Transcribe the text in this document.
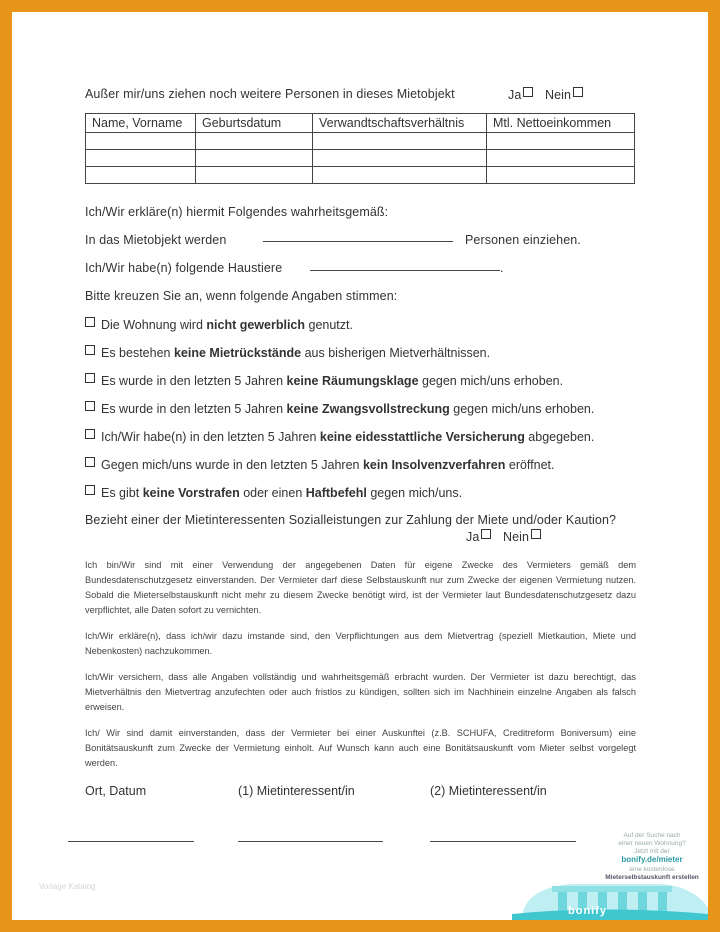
Außer mir/uns ziehen noch weitere Personen in dieses Mietobjekt	Ja Nein
Name, Vorname	Geburtsdatum	Verwandtschaftsverhältnis	Mtl. Nettoeinkommen

Ich/Wir erkläre(n) hiermit Folgendes wahrheitsgemäß:
In das Mietobjekt werden	Personen einziehen.
Ich/Wir habe(n) folgende Haustiere	.
Bitte kreuzen Sie an, wenn folgende Angaben stimmen:
Die Wohnung wird nicht gewerblich genutzt.
Es bestehen keine Mietrückstände aus bisherigen Mietverhältnissen.
Es wurde in den letzten 5 Jahren keine Räumungsklage gegen mich/uns erhoben.
Es wurde in den letzten 5 Jahren keine Zwangsvollstreckung gegen mich/uns erhoben.
Ich/Wir habe(n) in den letzten 5 Jahren keine eidesstattliche Versicherung abgegeben.
Gegen mich/uns wurde in den letzten 5 Jahren kein Insolvenzverfahren eröffnet.
Es gibt keine Vorstrafen oder einen Haftbefehl gegen mich/uns.
Bezieht einer der Mietinteressenten Sozialleistungen zur Zahlung der Miete und/oder Kaution?
Ja Nein
Ich bin/Wir sind mit einer Verwendung der angegebenen Daten für eigene Zwecke des Vermieters gemäß dem Bundesdatenschutzgesetz einverstanden. Der Vermieter darf diese Selbstauskunft nur zum Zwecke der eigenen Vermietung nutzen. Sobald die Mieterselbstauskunft nicht mehr zu diesem Zwecke benötigt wird, ist der Vermieter laut Bundesdatenschutzgesetz dazu verpflichtet, alle Daten sofort zu vernichten.
Ich/Wir erkläre(n), dass ich/wir dazu imstande sind, den Verpflichtungen aus dem Mietvertrag (speziell Mietkaution, Miete und Nebenkosten) nachzukommen.
Ich/Wir versichern, dass alle Angaben vollständig und wahrheitsgemäß erbracht wurden. Der Vermieter ist dazu berechtigt, das Mietverhältnis den Mietvertrag anzufechten oder auch fristlos zu kündigen, sollten sich im Nachhinein einzelne Angaben als falsch erweisen.
Ich/ Wir sind damit einverstanden, dass der Vermieter bei einer Auskunftei (z.B. SCHUFA, Creditreform Boniversum) eine Bonitätsauskunft zum Zwecke der Vermietung einholt. Auf Wunsch kann auch eine Bonitätsauskunft vom Mieter selbst vorgelegt werden.
Ort, Datum	(1) Mietinteressent/in	(2) Mietinteressent/in
Vorlage Katalog
Auf der Suche nach
einer neuen Wohnung?
Jetzt mit der
bonify.de/mieter
eine kostenlose
Mieterselbstauskunft erstellen
bonify
